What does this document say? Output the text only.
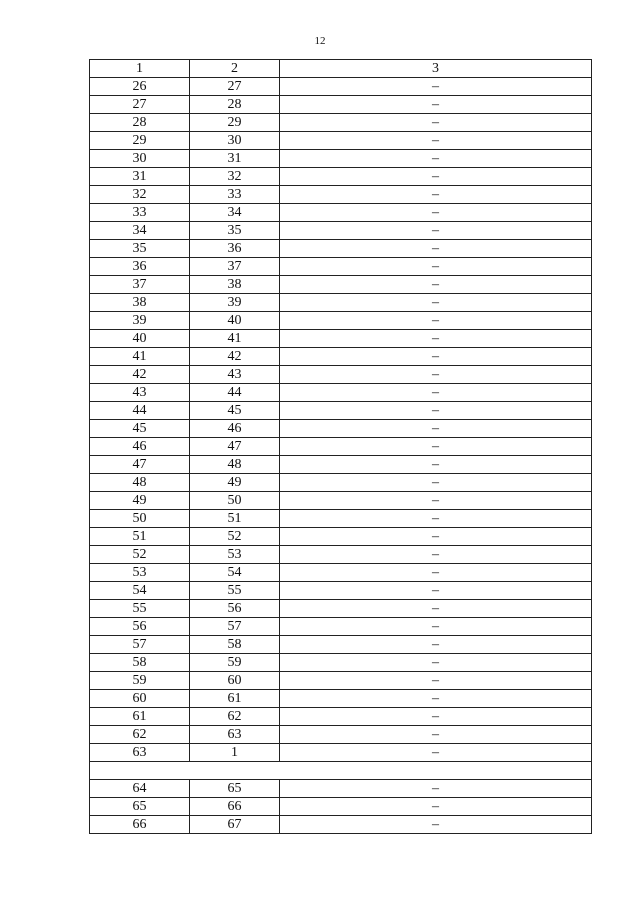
12
1	2	3
26	27	–
27	28	–
28	29	–
29	30	–
30	31	–
31	32	–
32	33	–
33	34	–
34	35	–
35	36	–
36	37	–
37	38	–
38	39	–
39	40	–
40	41	–
41	42	–
42	43	–
43	44	–
44	45	–
45	46	–
46	47	–
47	48	–
48	49	–
49	50	–
50	51	–
51	52	–
52	53	–
53	54	–
54	55	–
55	56	–
56	57	–
57	58	–
58	59	–
59	60	–
60	61	–
61	62	–
62	63	–
63	1	–

64	65	–
65	66	–
66	67	–
